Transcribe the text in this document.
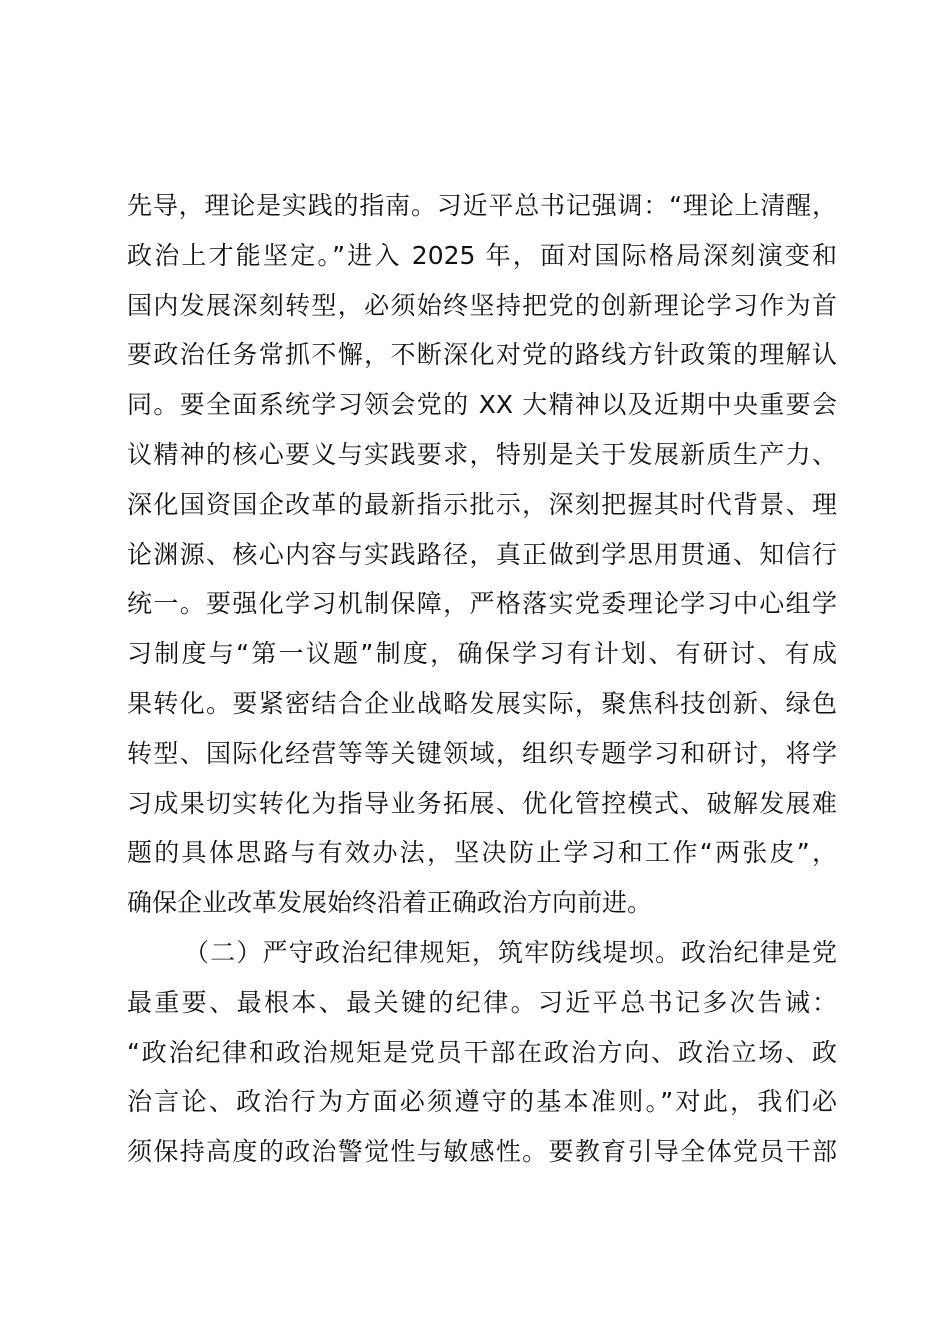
先导，理论是实践的指南。习近平总书记强调：“理论上清醒，
政治上才能坚定。”进入 2025 年，面对国际格局深刻演变和
国内发展深刻转型，必须始终坚持把党的创新理论学习作为首
要政治任务常抓不懈，不断深化对党的路线方针政策的理解认
同。要全面系统学习领会党的 XX 大精神以及近期中央重要会
议精神的核心要义与实践要求，特别是关于发展新质生产力、
深化国资国企改革的最新指示批示，深刻把握其时代背景、理
论渊源、核心内容与实践路径，真正做到学思用贯通、知信行
统一。要强化学习机制保障，严格落实党委理论学习中心组学
习制度与“第一议题”制度，确保学习有计划、有研讨、有成
果转化。要紧密结合企业战略发展实际，聚焦科技创新、绿色
转型、国际化经营等等关键领域，组织专题学习和研讨，将学
习成果切实转化为指导业务拓展、优化管控模式、破解发展难
题的具体思路与有效办法，坚决防止学习和工作“两张皮”，
确保企业改革发展始终沿着正确政治方向前进。
（二）严守政治纪律规矩，筑牢防线堤坝。政治纪律是党
最重要、最根本、最关键的纪律。习近平总书记多次告诫：
“政治纪律和政治规矩是党员干部在政治方向、政治立场、政
治言论、政治行为方面必须遵守的基本准则。”对此，我们必
须保持高度的政治警觉性与敏感性。要教育引导全体党员干部
